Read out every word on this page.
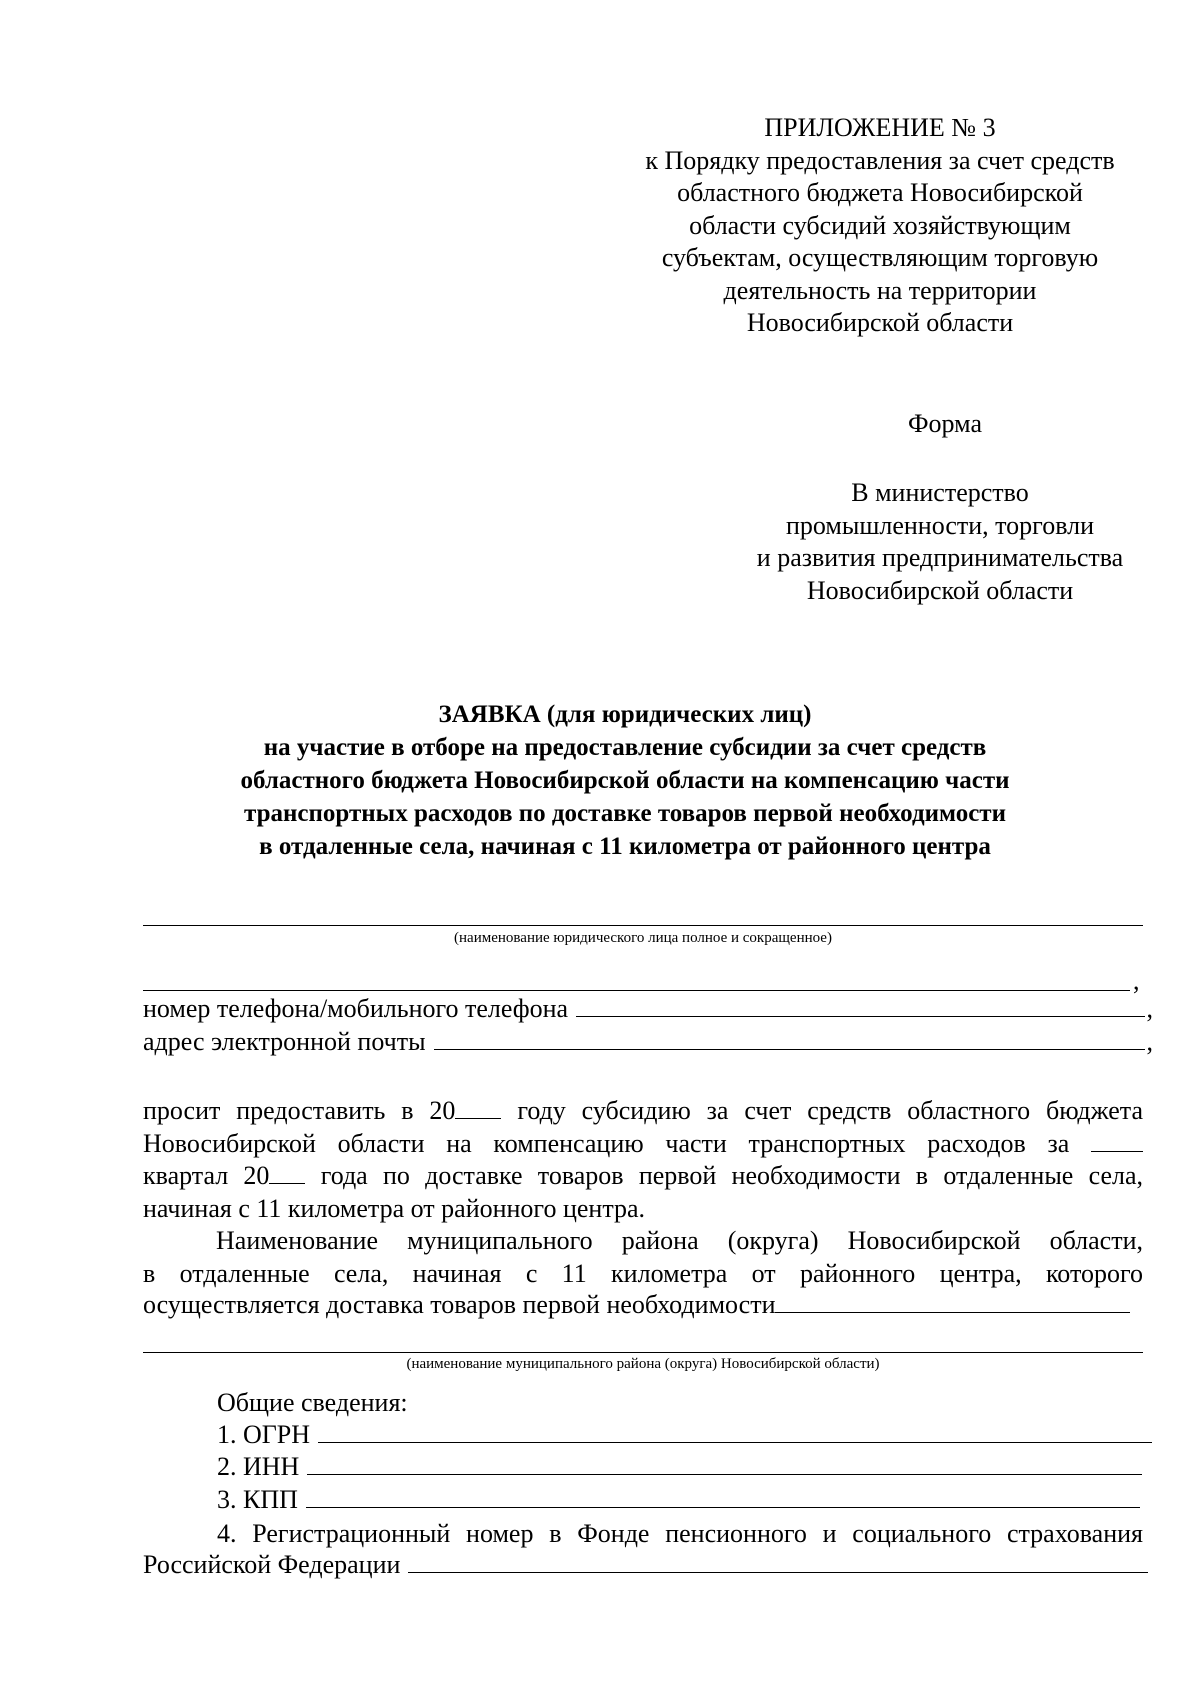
ПРИЛОЖЕНИЕ № 3
к Порядку предоставления за счет средств
областного бюджета Новосибирской
области субсидий хозяйствующим
субъектам, осуществляющим торговую
деятельность на территории
Новосибирской области
Форма
В министерство
промышленности, торговли
и развития предпринимательства
Новосибирской области
ЗАЯВКА (для юридических лиц)
на участие в отборе на предоставление субсидии за счет средств
областного бюджета Новосибирской области на компенсацию части
транспортных расходов по доставке товаров первой необходимости
в отдаленные села, начиная с 11 километра от районного центра
(наименование юридического лица полное и сокращенное)
,
номер телефона/мобильного телефона	,
адрес электронной почты	,
просит предоставить в 20 году субсидию за счет средств областного бюджета
Новосибирской области на компенсацию части транспортных расходов за
квартал 20 года по доставке товаров первой необходимости в отдаленные села,
начиная с 11 километра от районного центра.
Наименование муниципального района (округа) Новосибирской области,
в отдаленные села, начиная с 11 километра от районного центра, которого
осуществляется доставка товаров первой необходимости
(наименование муниципального района (округа) Новосибирской области)
Общие сведения:
1. ОГРН
2. ИНН
3. КПП
4. Регистрационный номер в Фонде пенсионного и социального страхования
Российской Федерации
